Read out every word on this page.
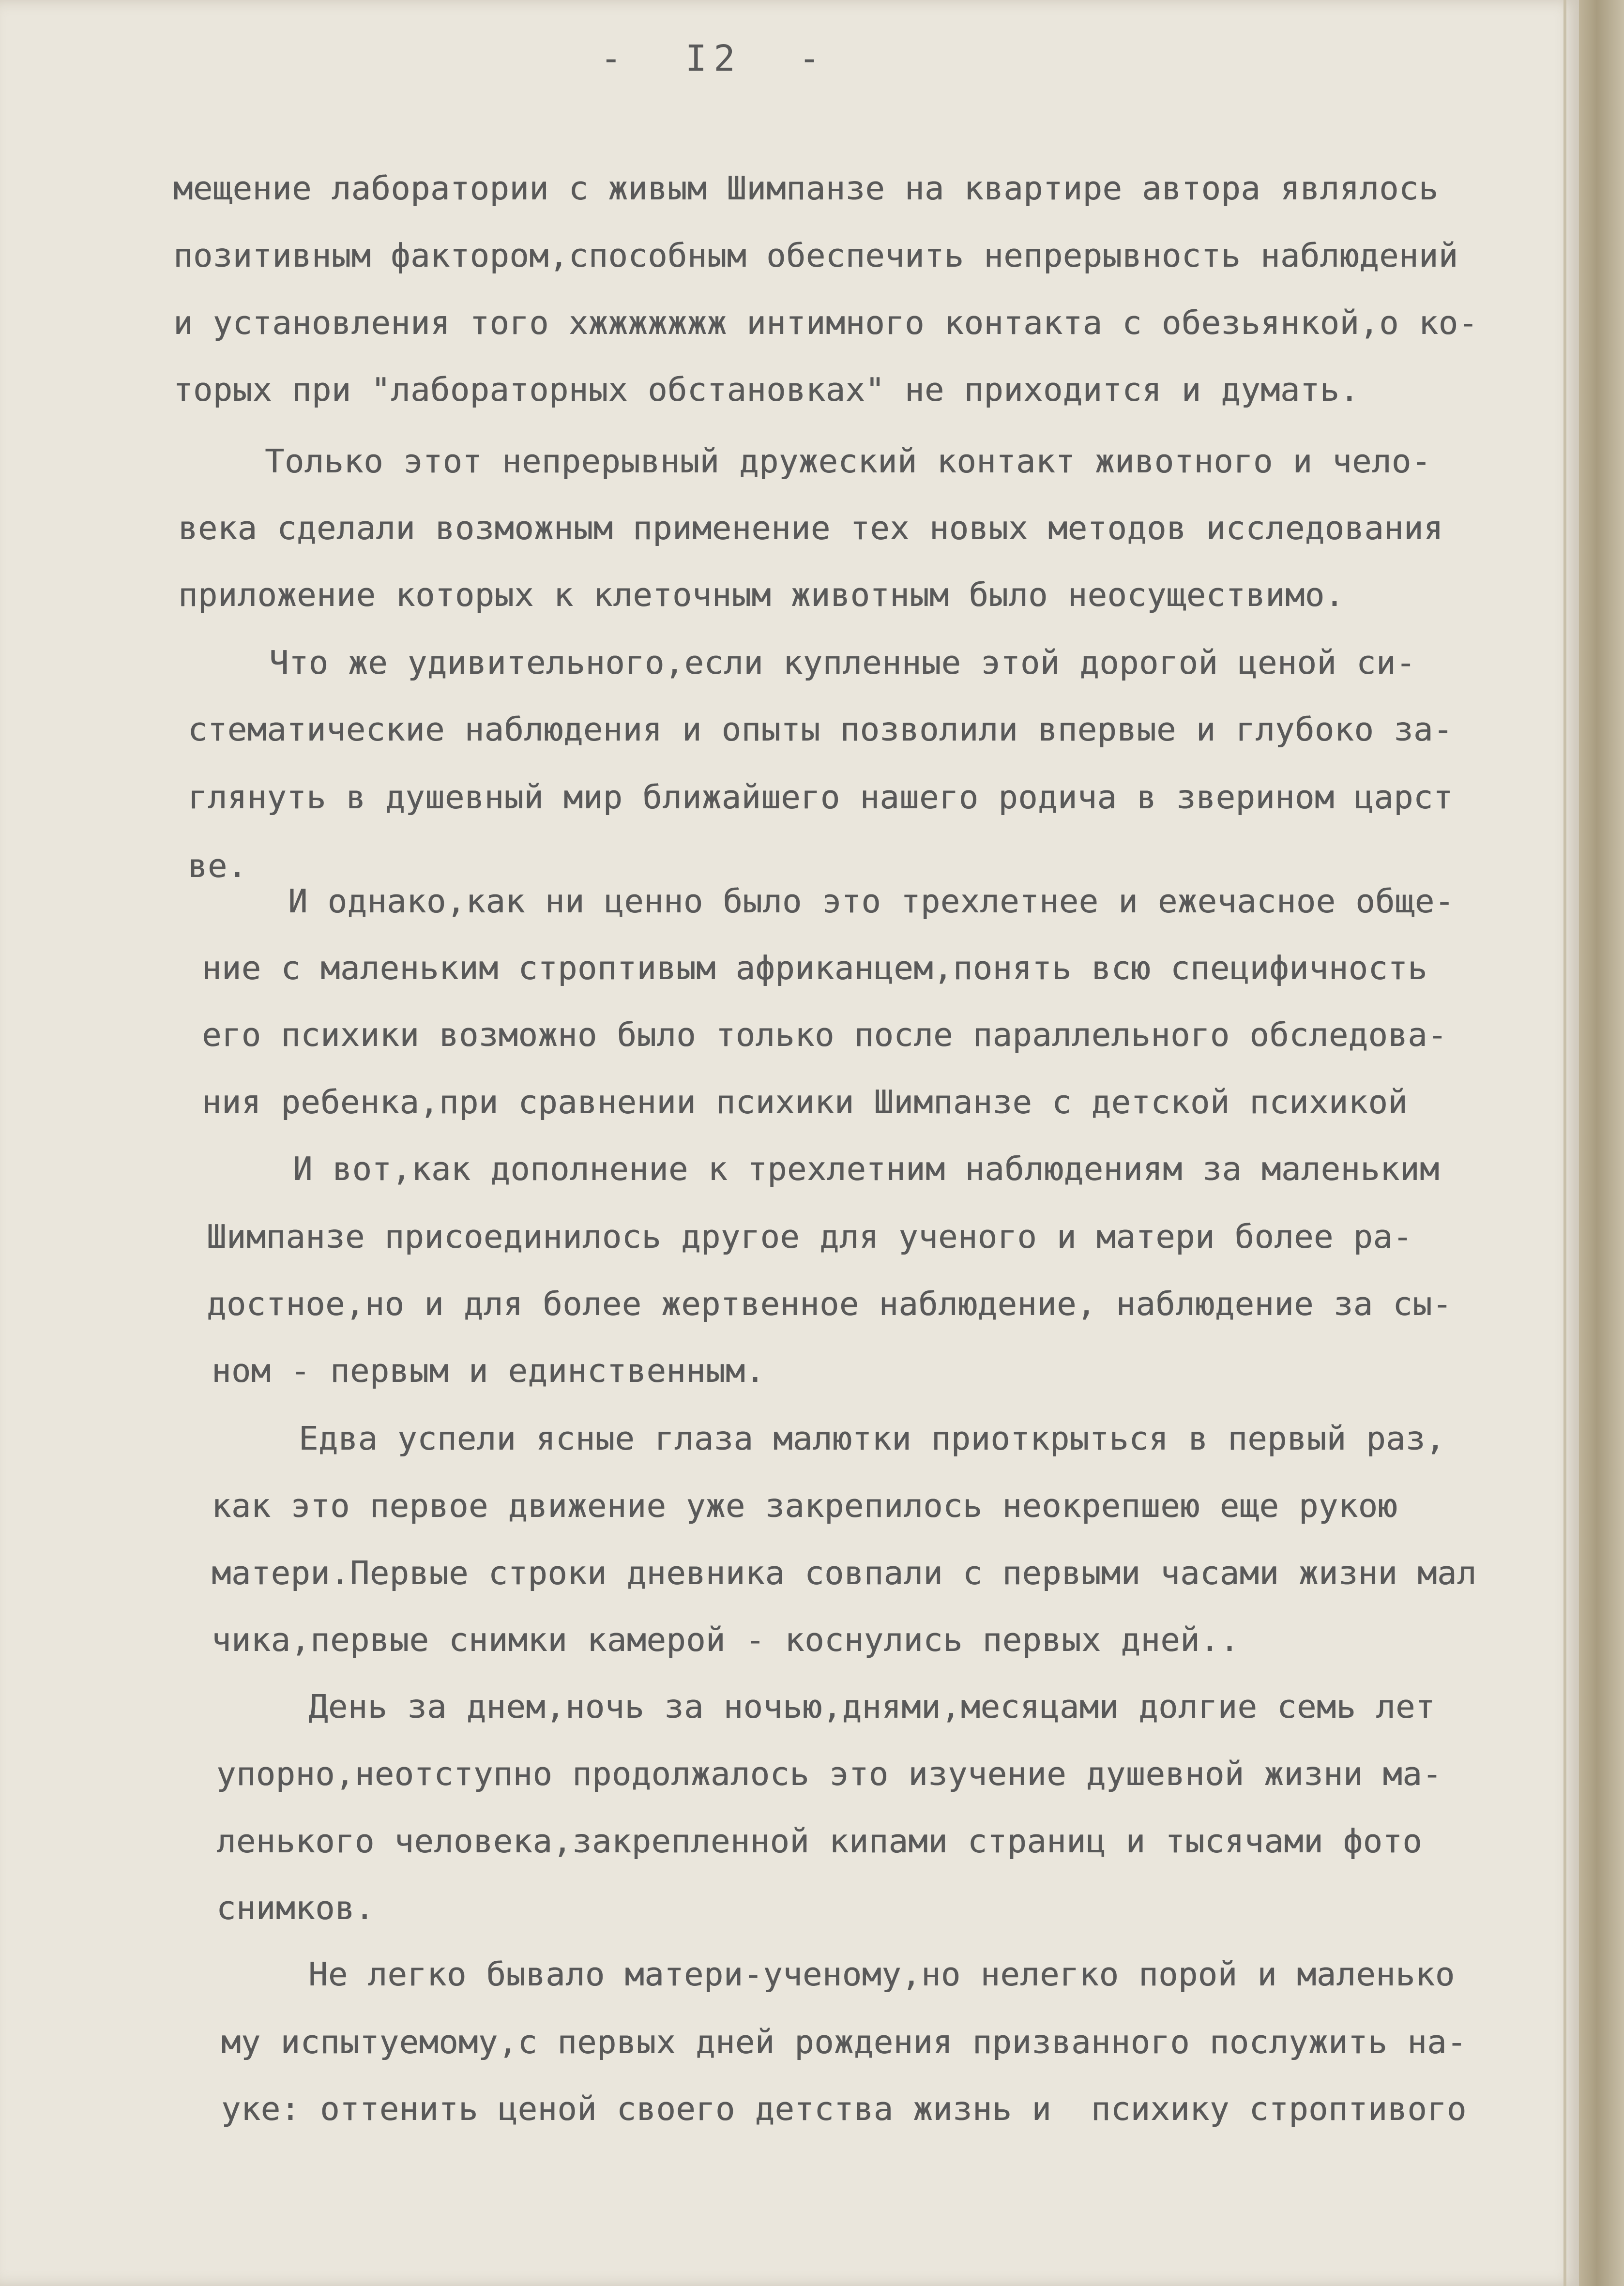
-  I2  -
мещение лаборатории с живым Шимпанзе на квартире автора являлось
позитивным фактором,способным обеспечить непрерывность наблюдений
и установления того хжжжжжжж интимного контакта с обезьянкой,о ко-
торых при "лабораторных обстановках" не приходится и думать.
Только этот непрерывный дружеский контакт животного и чело-
века сделали возможным применение тех новых методов исследования
приложение которых к клеточным животным было неосуществимо.
Что же удивительного,если купленные этой дорогой ценой си-
стематические наблюдения и опыты позволили впервые и глубоко за-
глянуть в душевный мир ближайшего нашего родича в зверином царст
ве.
И однако,как ни ценно было это трехлетнее и ежечасное обще-
ние с маленьким строптивым африканцем,понять всю специфичность
его психики возможно было только после параллельного обследова-
ния ребенка,при сравнении психики Шимпанзе с детской психикой
И вот,как дополнение к трехлетним наблюдениям за маленьким
Шимпанзе присоединилось другое для ученого и матери более ра-
достное,но и для более жертвенное наблюдение, наблюдение за сы-
ном - первым и единственным.
Едва успели ясные глаза малютки приоткрыться в первый раз,
как это первое движение уже закрепилось неокрепшею еще рукою
матери.Первые строки дневника совпали с первыми часами жизни мал
чика,первые снимки камерой - коснулись первых дней..
День за днем,ночь за ночью,днями,месяцами долгие семь лет
упорно,неотступно продолжалось это изучение душевной жизни ма-
ленького человека,закрепленной кипами страниц и тысячами фото
снимков.
Не легко бывало матери-ученому,но нелегко порой и маленько
му испытуемому,с первых дней рождения призванного послужить на-
уке: оттенить ценой своего детства жизнь и  психику строптивого
